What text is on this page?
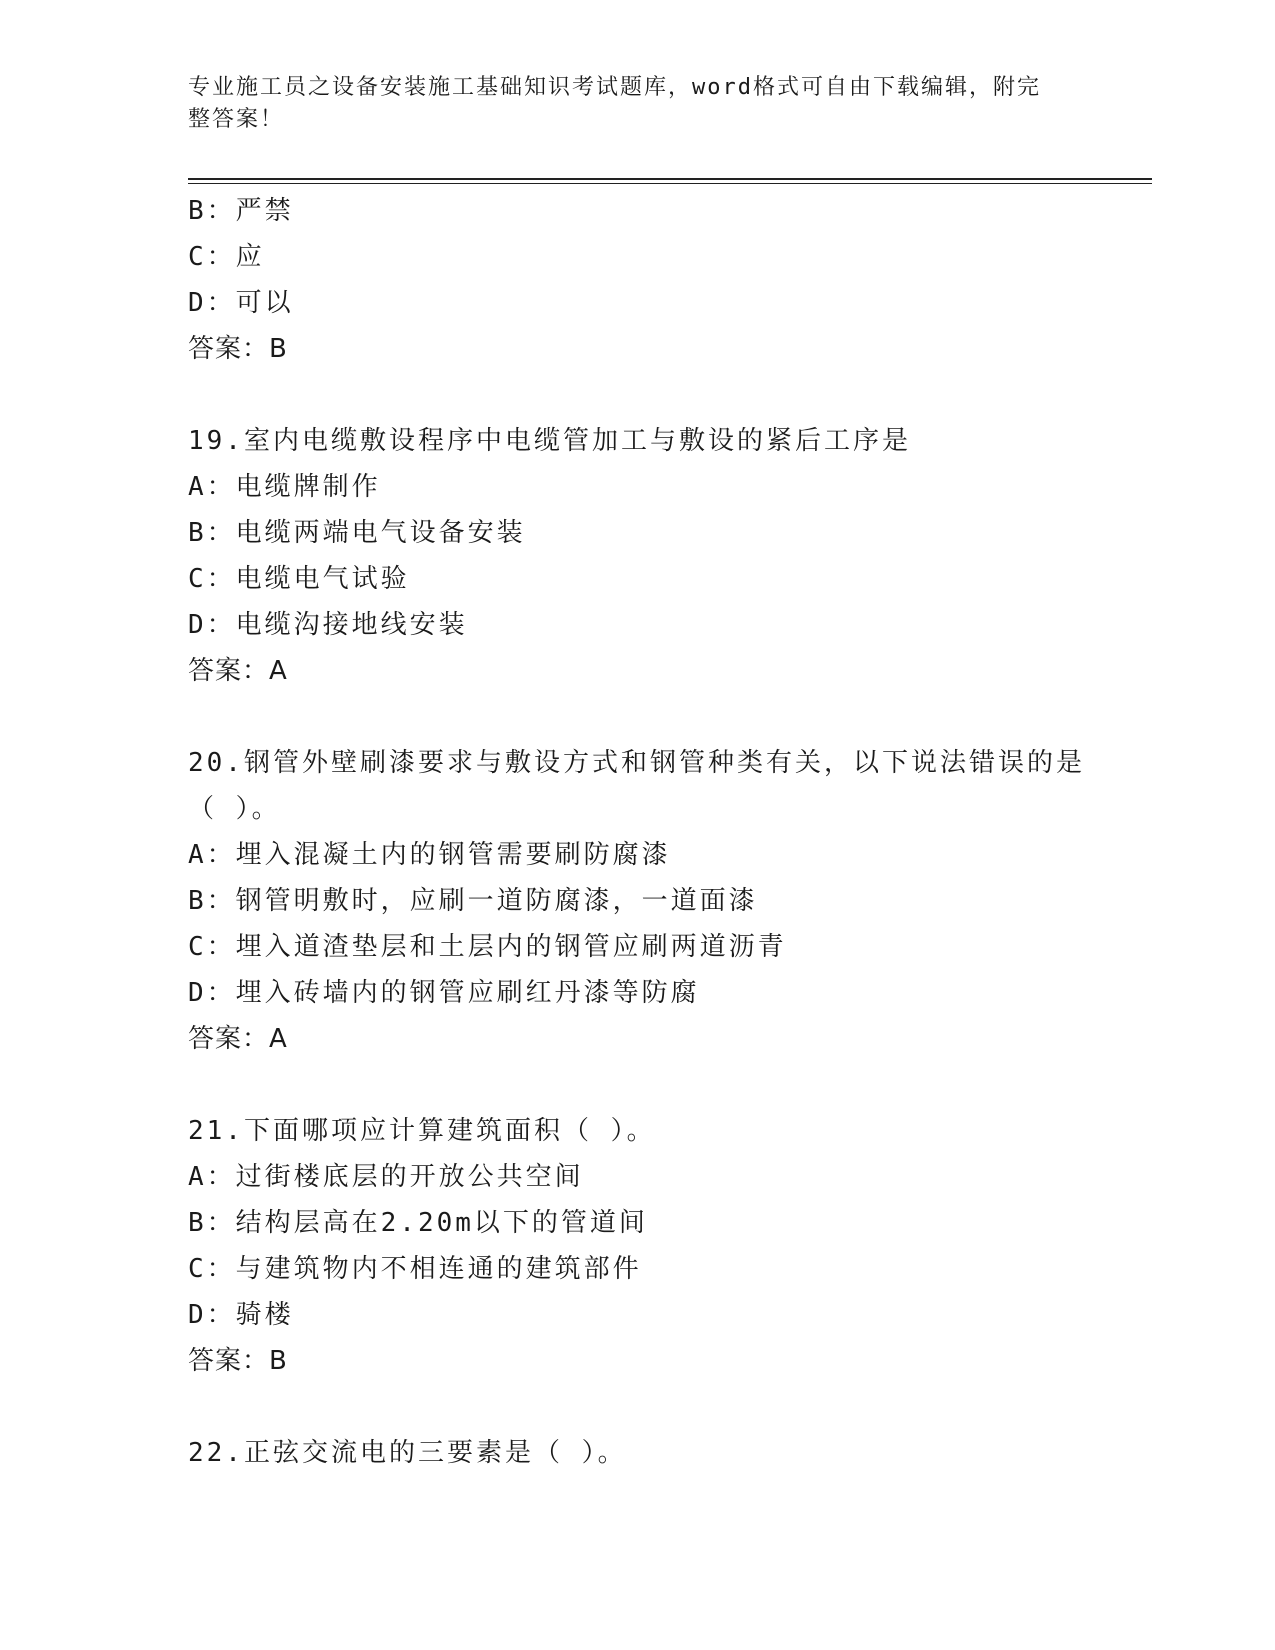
专业施工员之设备安装施工基础知识考试题库，word格式可自由下载编辑，附完
整答案！
B：严禁
C：应
D：可以
答案：B
19.室内电缆敷设程序中电缆管加工与敷设的紧后工序是
A：电缆牌制作
B：电缆两端电气设备安装
C：电缆电气试验
D：电缆沟接地线安装
答案：A
20.钢管外壁刷漆要求与敷设方式和钢管种类有关，以下说法错误的是
（ ）。
A：埋入混凝土内的钢管需要刷防腐漆
B：钢管明敷时，应刷一道防腐漆，一道面漆
C：埋入道渣垫层和土层内的钢管应刷两道沥青
D：埋入砖墙内的钢管应刷红丹漆等防腐
答案：A
21.下面哪项应计算建筑面积（ ）。
A：过街楼底层的开放公共空间
B：结构层高在2.20m以下的管道间
C：与建筑物内不相连通的建筑部件
D：骑楼
答案：B
22.正弦交流电的三要素是（ ）。
